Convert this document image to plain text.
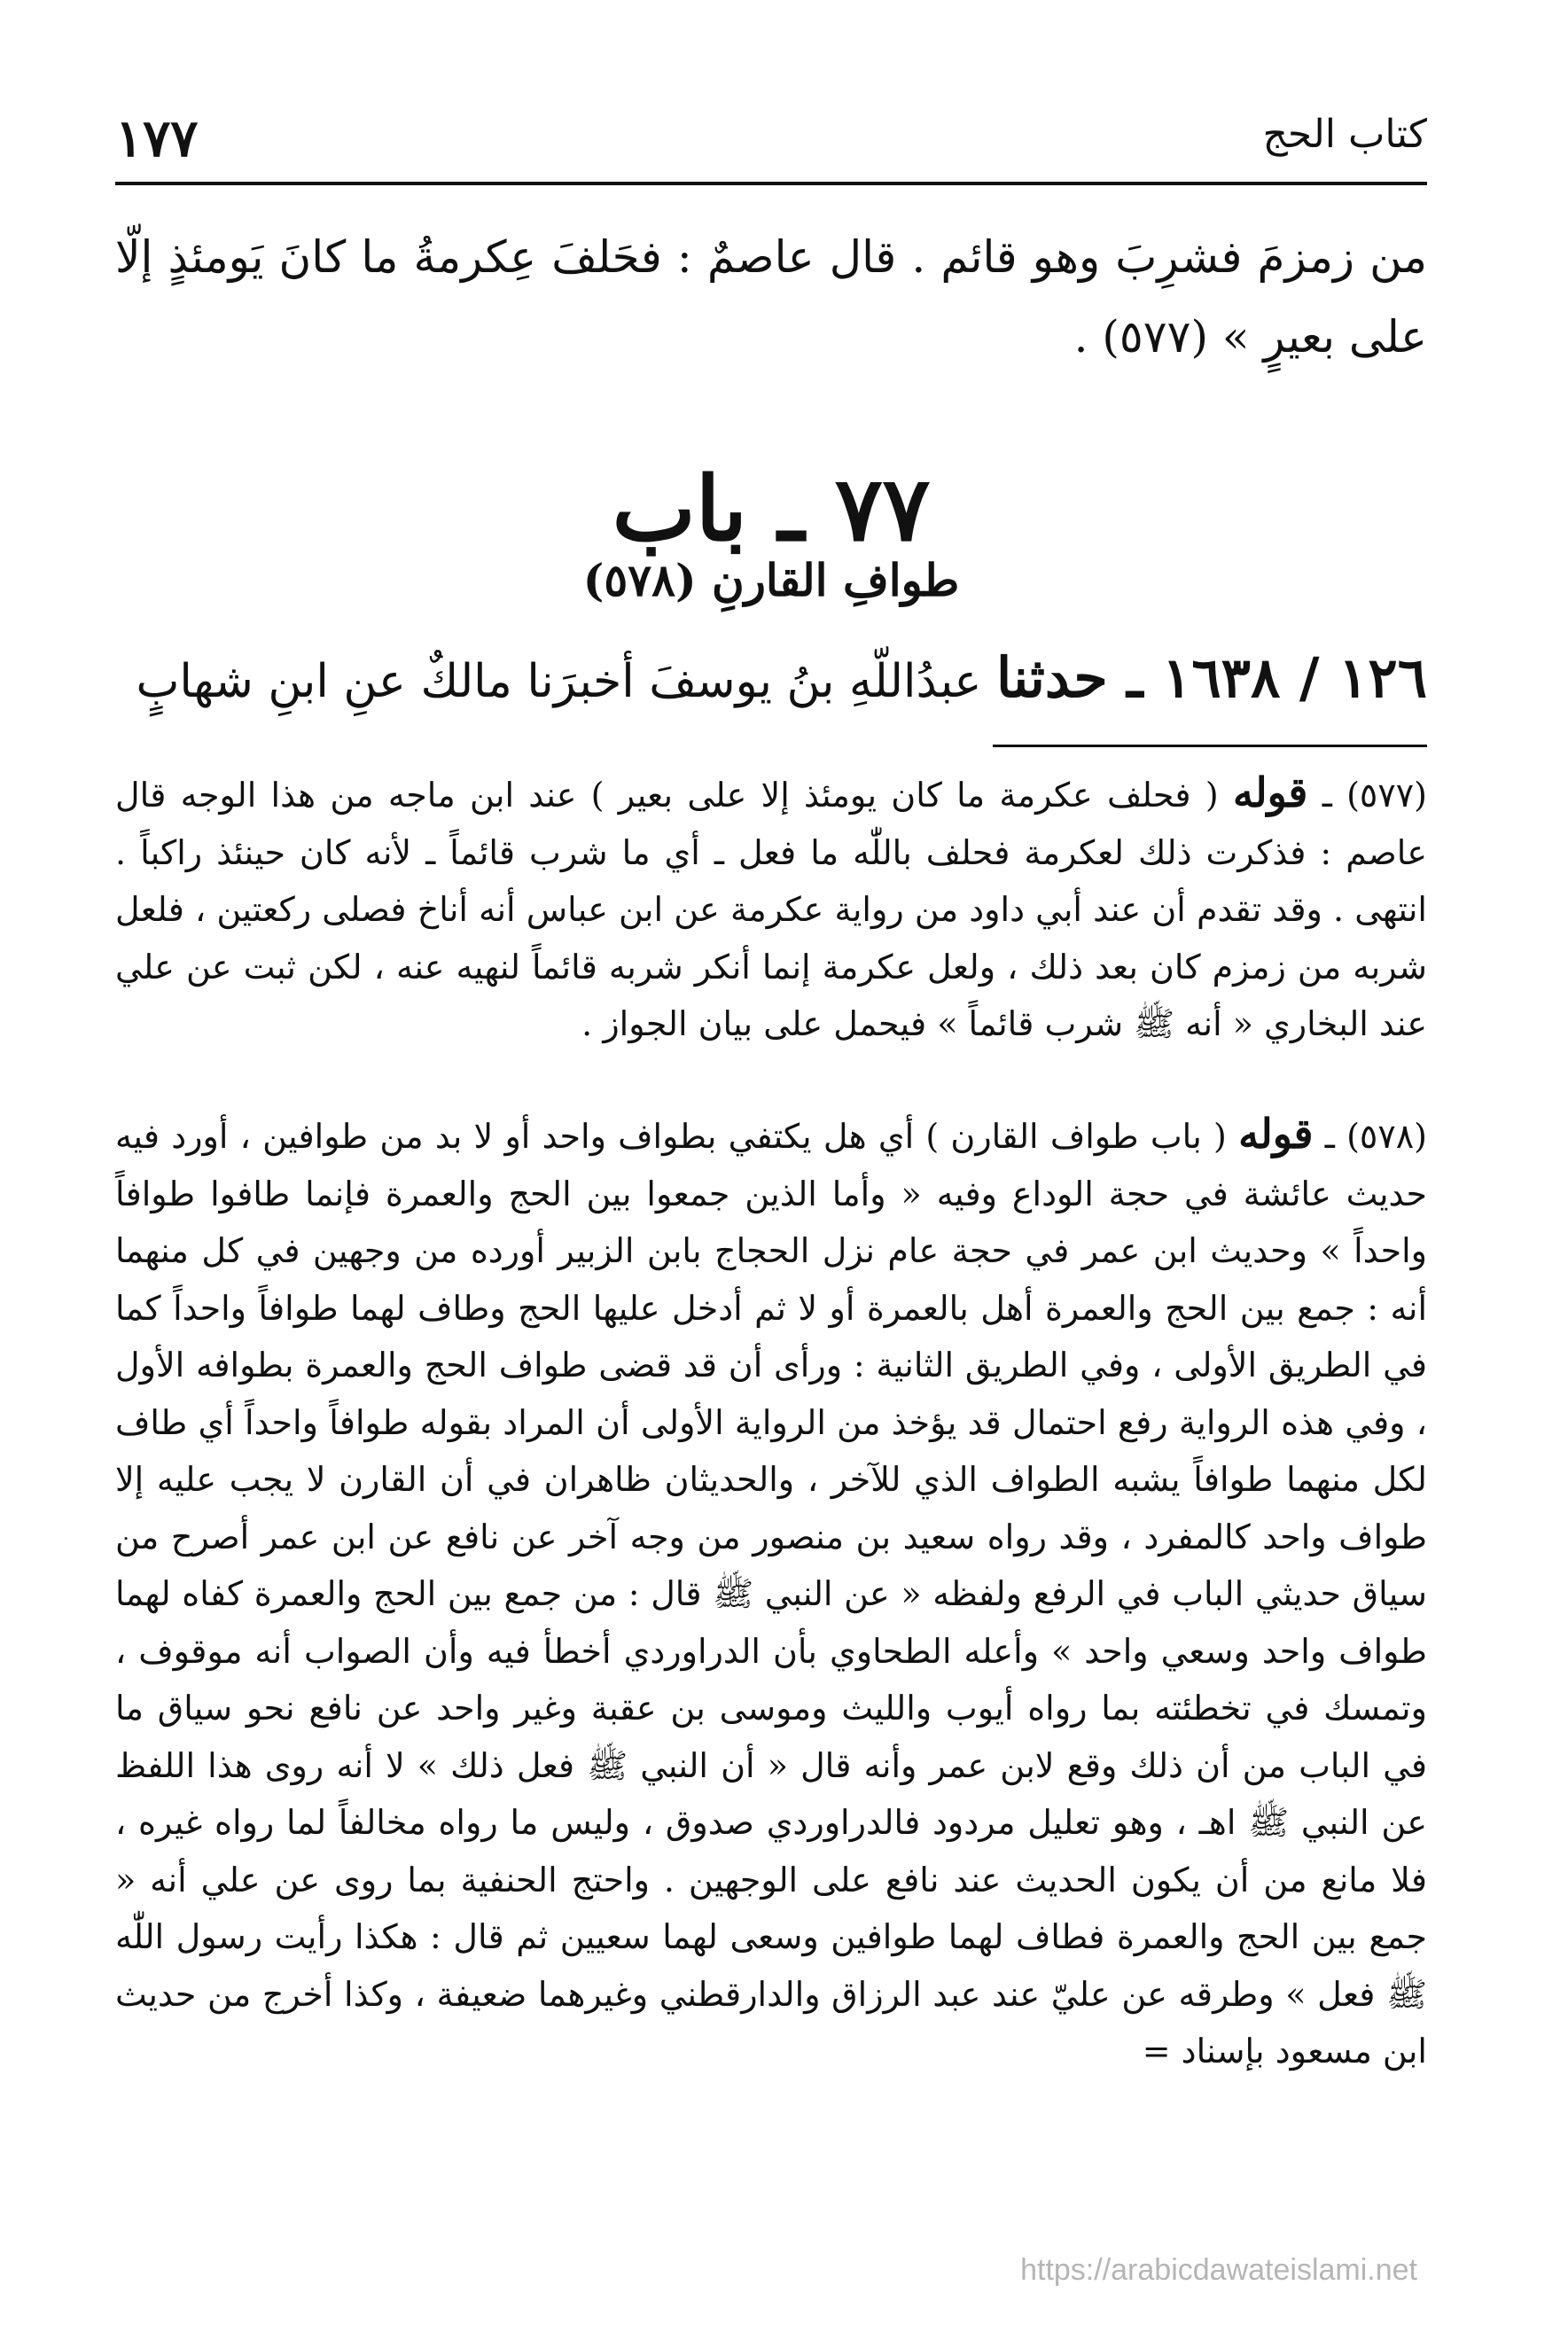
١٧٧	كتاب الحج
من زمزمَ فشرِبَ وهو قائم . قال عاصمٌ : فحَلفَ عِكرمةُ ما كانَ يَومئذٍ إلّا على بعيرٍ » (٥٧٧) .
٧٧ ـ باب
طوافِ القارنِ (٥٧٨)
١٢٦ / ١٦٣٨ ـ حدثنا عبدُاللّهِ بنُ يوسفَ أخبرَنا مالكٌ عنِ ابنِ شهابٍ
(٥٧٧) ـ قوله ( فحلف عكرمة ما كان يومئذ إلا على بعير ) عند ابن ماجه من هذا الوجه قال عاصم : فذكرت ذلك لعكرمة فحلف باللّٰه ما فعل ـ أي ما شرب قائماً ـ لأنه كان حينئذ راكباً . انتهى . وقد تقدم أن عند أبي داود من رواية عكرمة عن ابن عباس أنه أناخ فصلى ركعتين ، فلعل شربه من زمزم كان بعد ذلك ، ولعل عكرمة إنما أنكر شربه قائماً لنهيه عنه ، لكن ثبت عن علي عند البخاري « أنه ﷺ شرب قائماً » فيحمل على بيان الجواز .
(٥٧٨) ـ قوله ( باب طواف القارن ) أي هل يكتفي بطواف واحد أو لا بد من طوافين ، أورد فيه حديث عائشة في حجة الوداع وفيه « وأما الذين جمعوا بين الحج والعمرة فإنما طافوا طوافاً واحداً » وحديث ابن عمر في حجة عام نزل الحجاج بابن الزبير أورده من وجهين في كل منهما أنه : جمع بين الحج والعمرة أهل بالعمرة أو لا ثم أدخل عليها الحج وطاف لهما طوافاً واحداً كما في الطريق الأولى ، وفي الطريق الثانية : ورأى أن قد قضى طواف الحج والعمرة بطوافه الأول ، وفي هذه الرواية رفع احتمال قد يؤخذ من الرواية الأولى أن المراد بقوله طوافاً واحداً أي طاف لكل منهما طوافاً يشبه الطواف الذي للآخر ، والحديثان ظاهران في أن القارن لا يجب عليه إلا طواف واحد كالمفرد ، وقد رواه سعيد بن منصور من وجه آخر عن نافع عن ابن عمر أصرح من سياق حديثي الباب في الرفع ولفظه « عن النبي ﷺ قال : من جمع بين الحج والعمرة كفاه لهما طواف واحد وسعي واحد » وأعله الطحاوي بأن الدراوردي أخطأ فيه وأن الصواب أنه موقوف ، وتمسك في تخطئته بما رواه أيوب والليث وموسى بن عقبة وغير واحد عن نافع نحو سياق ما في الباب من أن ذلك وقع لابن عمر وأنه قال « أن النبي ﷺ فعل ذلك » لا أنه روى هذا اللفظ عن النبي ﷺ اهـ ، وهو تعليل مردود فالدراوردي صدوق ، وليس ما رواه مخالفاً لما رواه غيره ، فلا مانع من أن يكون الحديث عند نافع على الوجهين . واحتج الحنفية بما روى عن علي أنه « جمع بين الحج والعمرة فطاف لهما طوافين وسعى لهما سعيين ثم قال : هكذا رأيت رسول اللّٰه ﷺ فعل » وطرقه عن عليّ عند عبد الرزاق والدارقطني وغيرهما ضعيفة ، وكذا أخرج من حديث ابن مسعود بإسناد =
https://arabicdawateislami.net
